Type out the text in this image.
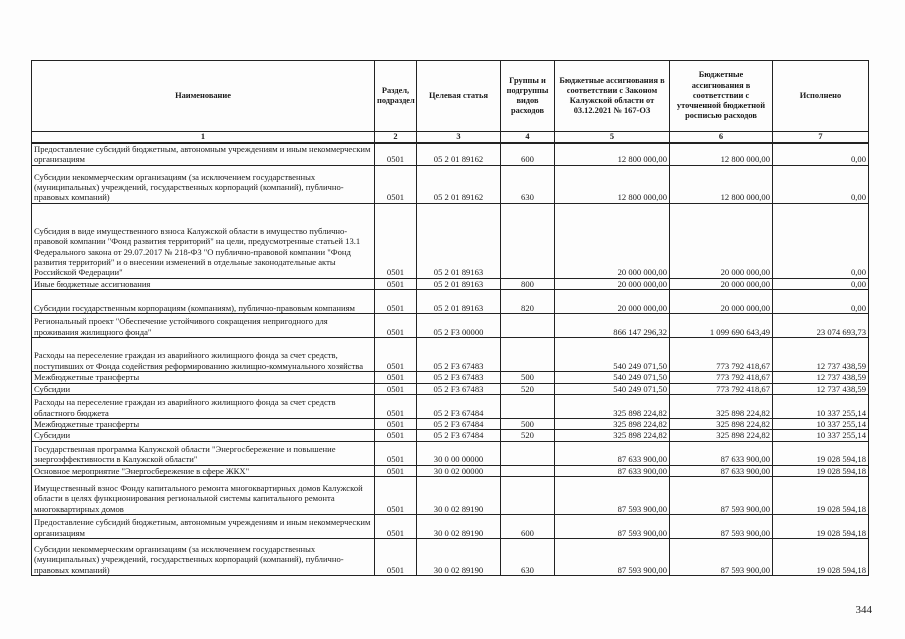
Наименование	Раздел, подраздел	Целевая статья	Группы и подгруппы видов расходов	Бюджетные ассигнования в соответствии с Законом Калужской области от 03.12.2021 № 167-ОЗ	Бюджетные ассигнования в соответствии с уточненной бюджетной росписью расходов	Исполнено
1	2	3	4	5	6	7
Предоставление субсидий бюджетным, автономным учреждениям и иным некоммерческим организациям	0501	05 2 01 89162	600	12 800 000,00	12 800 000,00	0,00
Субсидии некоммерческим организациям (за исключением государственных (муниципальных) учреждений, государственных корпораций (компаний), публично-правовых компаний)	0501	05 2 01 89162	630	12 800 000,00	12 800 000,00	0,00
Субсидия в виде имущественного взноса Калужской области в имущество публично-правовой компании "Фонд развития территорий" на цели, предусмотренные статьей 13.1 Федерального закона от 29.07.2017 № 218-ФЗ "О публично-правовой компании "Фонд развития территорий" и о внесении изменений в отдельные законодательные акты Российской Федерации"	0501	05 2 01 89163		20 000 000,00	20 000 000,00	0,00
Иные бюджетные ассигнования	0501	05 2 01 89163	800	20 000 000,00	20 000 000,00	0,00
Субсидии государственным корпорациям (компаниям), публично-правовым компаниям	0501	05 2 01 89163	820	20 000 000,00	20 000 000,00	0,00
Региональный проект "Обеспечение устойчивого сокращения непригодного для проживания жилищного фонда"	0501	05 2 F3 00000		866 147 296,32	1 099 690 643,49	23 074 693,73
Расходы на переселение граждан из аварийного жилищного фонда за счет средств, поступивших от Фонда содействия реформированию жилищно-коммунального хозяйства	0501	05 2 F3 67483		540 249 071,50	773 792 418,67	12 737 438,59
Межбюджетные трансферты	0501	05 2 F3 67483	500	540 249 071,50	773 792 418,67	12 737 438,59
Субсидии	0501	05 2 F3 67483	520	540 249 071,50	773 792 418,67	12 737 438,59
Расходы на переселение граждан из аварийного жилищного фонда за счет средств областного бюджета	0501	05 2 F3 67484		325 898 224,82	325 898 224,82	10 337 255,14
Межбюджетные трансферты	0501	05 2 F3 67484	500	325 898 224,82	325 898 224,82	10 337 255,14
Субсидии	0501	05 2 F3 67484	520	325 898 224,82	325 898 224,82	10 337 255,14
Государственная программа Калужской области "Энергосбережение и повышение энергоэффективности в Калужской области"	0501	30 0 00 00000		87 633 900,00	87 633 900,00	19 028 594,18
Основное мероприятие "Энергосбережение в сфере ЖКХ"	0501	30 0 02 00000		87 633 900,00	87 633 900,00	19 028 594,18
Имущественный взнос Фонду капитального ремонта многоквартирных домов Калужской области в целях функционирования региональной системы капитального ремонта многоквартирных домов	0501	30 0 02 89190		87 593 900,00	87 593 900,00	19 028 594,18
Предоставление субсидий бюджетным, автономным учреждениям и иным некоммерческим организациям	0501	30 0 02 89190	600	87 593 900,00	87 593 900,00	19 028 594,18
Субсидии некоммерческим организациям (за исключением государственных (муниципальных) учреждений, государственных корпораций (компаний), публично-правовых компаний)	0501	30 0 02 89190	630	87 593 900,00	87 593 900,00	19 028 594,18
344
